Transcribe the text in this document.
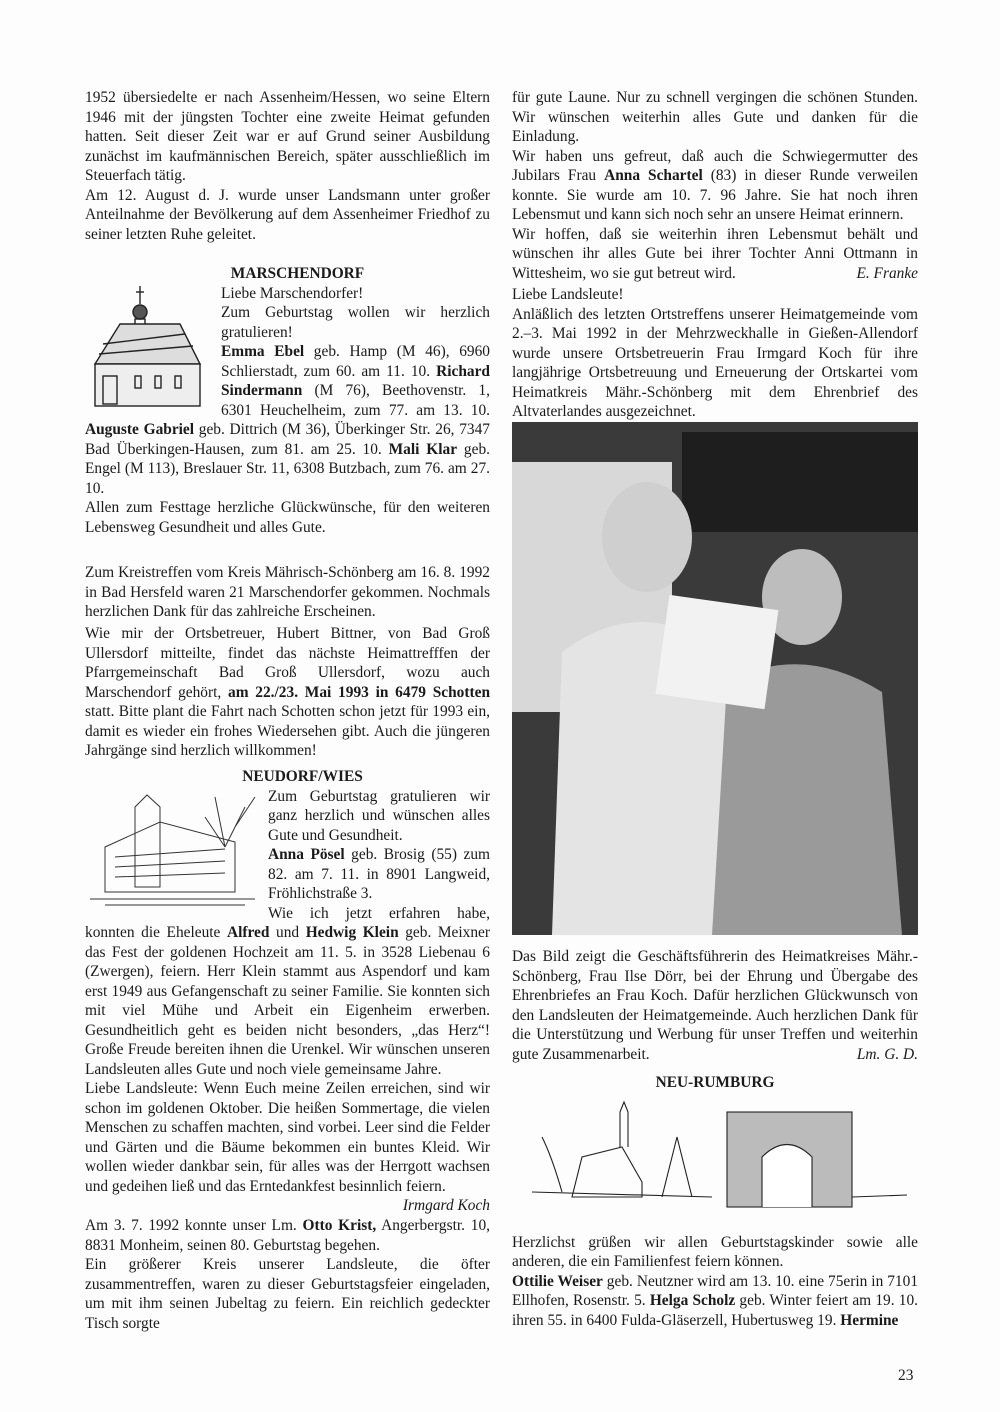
1952 übersiedelte er nach Assenheim/Hessen, wo seine Eltern 1946 mit der jüngsten Tochter eine zweite Heimat gefunden hatten. Seit dieser Zeit war er auf Grund seiner Ausbildung zunächst im kaufmännischen Bereich, später ausschließlich im Steuerfach tätig.

Am 12. August d. J. wurde unser Landsmann unter großer Anteilnahme der Bevölkerung auf dem Assenheimer Friedhof zu seiner letzten Ruhe geleitet.

MARSCHENDORF

Liebe Marschendorfer!

Zum Geburtstag wollen wir herzlich gratulieren!

Emma Ebel geb. Hamp (M 46), 6960 Schlierstadt, zum 60. am 11. 10. Richard Sindermann (M 76), Beethovenstr. 1, 6301 Heuchelheim, zum 77. am 13. 10. Auguste Gabriel geb. Dittrich (M 36), Überkinger Str. 26, 7347 Bad Überkingen-Hausen, zum 81. am 25. 10. Mali Klar geb. Engel (M 113), Breslauer Str. 11, 6308 Butzbach, zum 76. am 27. 10.

Allen zum Festtage herzliche Glückwünsche, für den weiteren Lebensweg Gesundheit und alles Gute.

Zum Kreistreffen vom Kreis Mährisch-Schönberg am 16. 8. 1992 in Bad Hersfeld waren 21 Marschendorfer gekommen. Nochmals herzlichen Dank für das zahlreiche Erscheinen.

Wie mir der Ortsbetreuer, Hubert Bittner, von Bad Groß Ullersdorf mitteilte, findet das nächste Heimattrefffen der Pfarrgemeinschaft Bad Groß Ullersdorf, wozu auch Marschendorf gehört, am 22./23. Mai 1993 in 6479 Schotten statt. Bitte plant die Fahrt nach Schotten schon jetzt für 1993 ein, damit es wieder ein frohes Wiedersehen gibt. Auch die jüngeren Jahrgänge sind herzlich willkommen!

NEUDORF/WIES

Zum Geburtstag gratulieren wir ganz herzlich und wünschen alles Gute und Gesundheit.

Anna Pösel geb. Brosig (55) zum 82. am 7. 11. in 8901 Langweid, Fröhlichstraße 3.

Wie ich jetzt erfahren habe, konnten die Eheleute Alfred und Hedwig Klein geb. Meixner das Fest der goldenen Hochzeit am 11. 5. in 3528 Liebenau 6 (Zwergen), feiern. Herr Klein stammt aus Aspendorf und kam erst 1949 aus Gefangenschaft zu seiner Familie. Sie konnten sich mit viel Mühe und Arbeit ein Eigenheim erwerben. Gesundheitlich geht es beiden nicht besonders, „das Herz“! Große Freude bereiten ihnen die Urenkel. Wir wünschen unseren Landsleuten alles Gute und noch viele gemeinsame Jahre.

Liebe Landsleute: Wenn Euch meine Zeilen erreichen, sind wir schon im goldenen Oktober. Die heißen Sommertage, die vielen Menschen zu schaffen machten, sind vorbei. Leer sind die Felder und Gärten und die Bäume bekommen ein buntes Kleid. Wir wollen wieder dankbar sein, für alles was der Herrgott wachsen und gedeihen ließ und das Erntedankfest besinnlich feiern.

Irmgard Koch

Am 3. 7. 1992 konnte unser Lm. Otto Krist, Angerbergstr. 10, 8831 Monheim, seinen 80. Geburtstag begehen.

Ein größerer Kreis unserer Landsleute, die öfter zusammentreffen, waren zu dieser Geburtstagsfeier eingeladen, um mit ihm seinen Jubeltag zu feiern. Ein reichlich gedeckter Tisch sorgte

für gute Laune. Nur zu schnell vergingen die schönen Stunden. Wir wünschen weiterhin alles Gute und danken für die Einladung.

Wir haben uns gefreut, daß auch die Schwiegermutter des Jubilars Frau Anna Schartel (83) in dieser Runde verweilen konnte. Sie wurde am 10. 7. 96 Jahre. Sie hat noch ihren Lebensmut und kann sich noch sehr an unsere Heimat erinnern.

Wir hoffen, daß sie weiterhin ihren Lebensmut behält und wünschen ihr alles Gute bei ihrer Tochter Anni Ottmann in Wittesheim, wo sie gut betreut wird.	E. Franke

Liebe Landsleute!

Anläßlich des letzten Ortstreffens unserer Heimatgemeinde vom 2.–3. Mai 1992 in der Mehrzweckhalle in Gießen-Allendorf wurde unsere Ortsbetreuerin Frau Irmgard Koch für ihre langjährige Ortsbetreuung und Erneuerung der Ortskartei vom Heimatkreis Mähr.-Schönberg mit dem Ehrenbrief des Altvaterlandes ausgezeichnet.

Das Bild zeigt die Geschäftsführerin des Heimatkreises Mähr.-Schönberg, Frau Ilse Dörr, bei der Ehrung und Übergabe des Ehrenbriefes an Frau Koch. Dafür herzlichen Glückwunsch von den Landsleuten der Heimatgemeinde. Auch herzlichen Dank für die Unterstützung und Werbung für unser Treffen und weiterhin gute Zusammenarbeit.	Lm. G. D.

NEU-RUMBURG

Herzlichst grüßen wir allen Geburtstagskinder sowie alle anderen, die ein Familienfest feiern können.

Ottilie Weiser geb. Neutzner wird am 13. 10. eine 75erin in 7101 Ellhofen, Rosenstr. 5. Helga Scholz geb. Winter feiert am 19. 10. ihren 55. in 6400 Fulda-Gläserzell, Hubertusweg 19. Hermine

23
